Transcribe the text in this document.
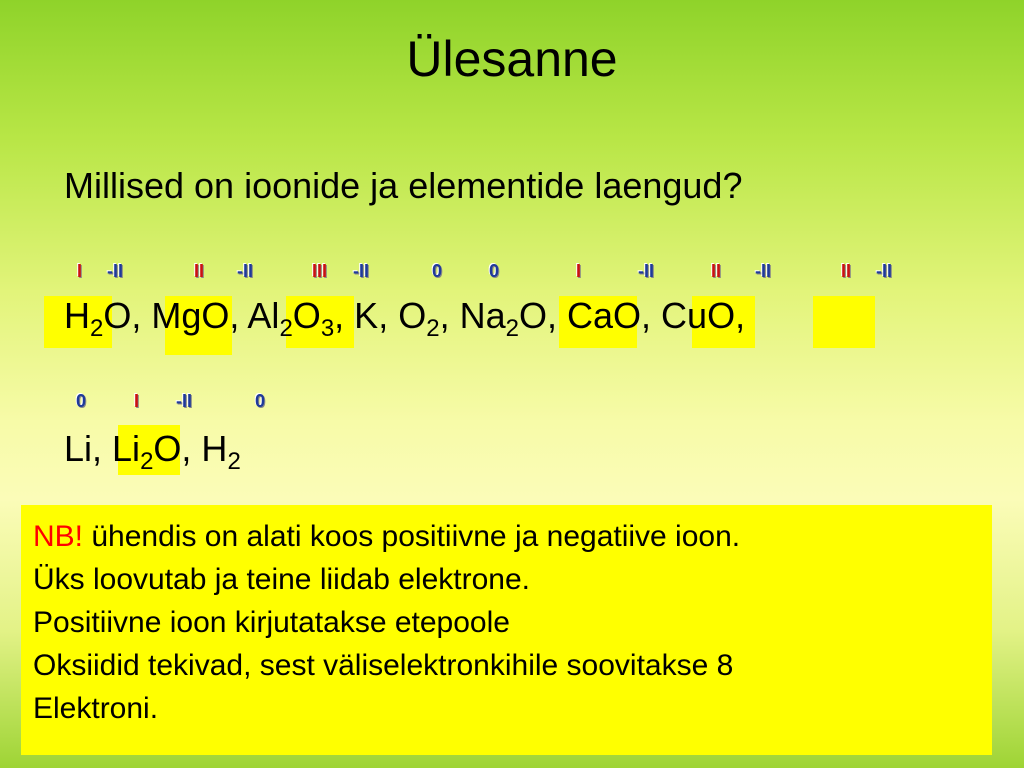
Ülesanne
Millised on ioonide ja elementide laengud?
I -II	II -II	III -II	0	0	I	-II	II -II	II -II
$H_2O$, MgO, $Al_2O_3$, K, $O_2$, $Na_2O$, CaO, CuO,
0	I -II	0
Li, $Li_2O$, $H_2$

NB! ühendis on alati koos positiivne ja negatiive ioon.

Üks loovutab ja teine liidab elektrone.

Positiivne ioon kirjutatakse etepoole

Oksiidid tekivad, sest väliselektronkihile soovitakse 8

Elektroni.
